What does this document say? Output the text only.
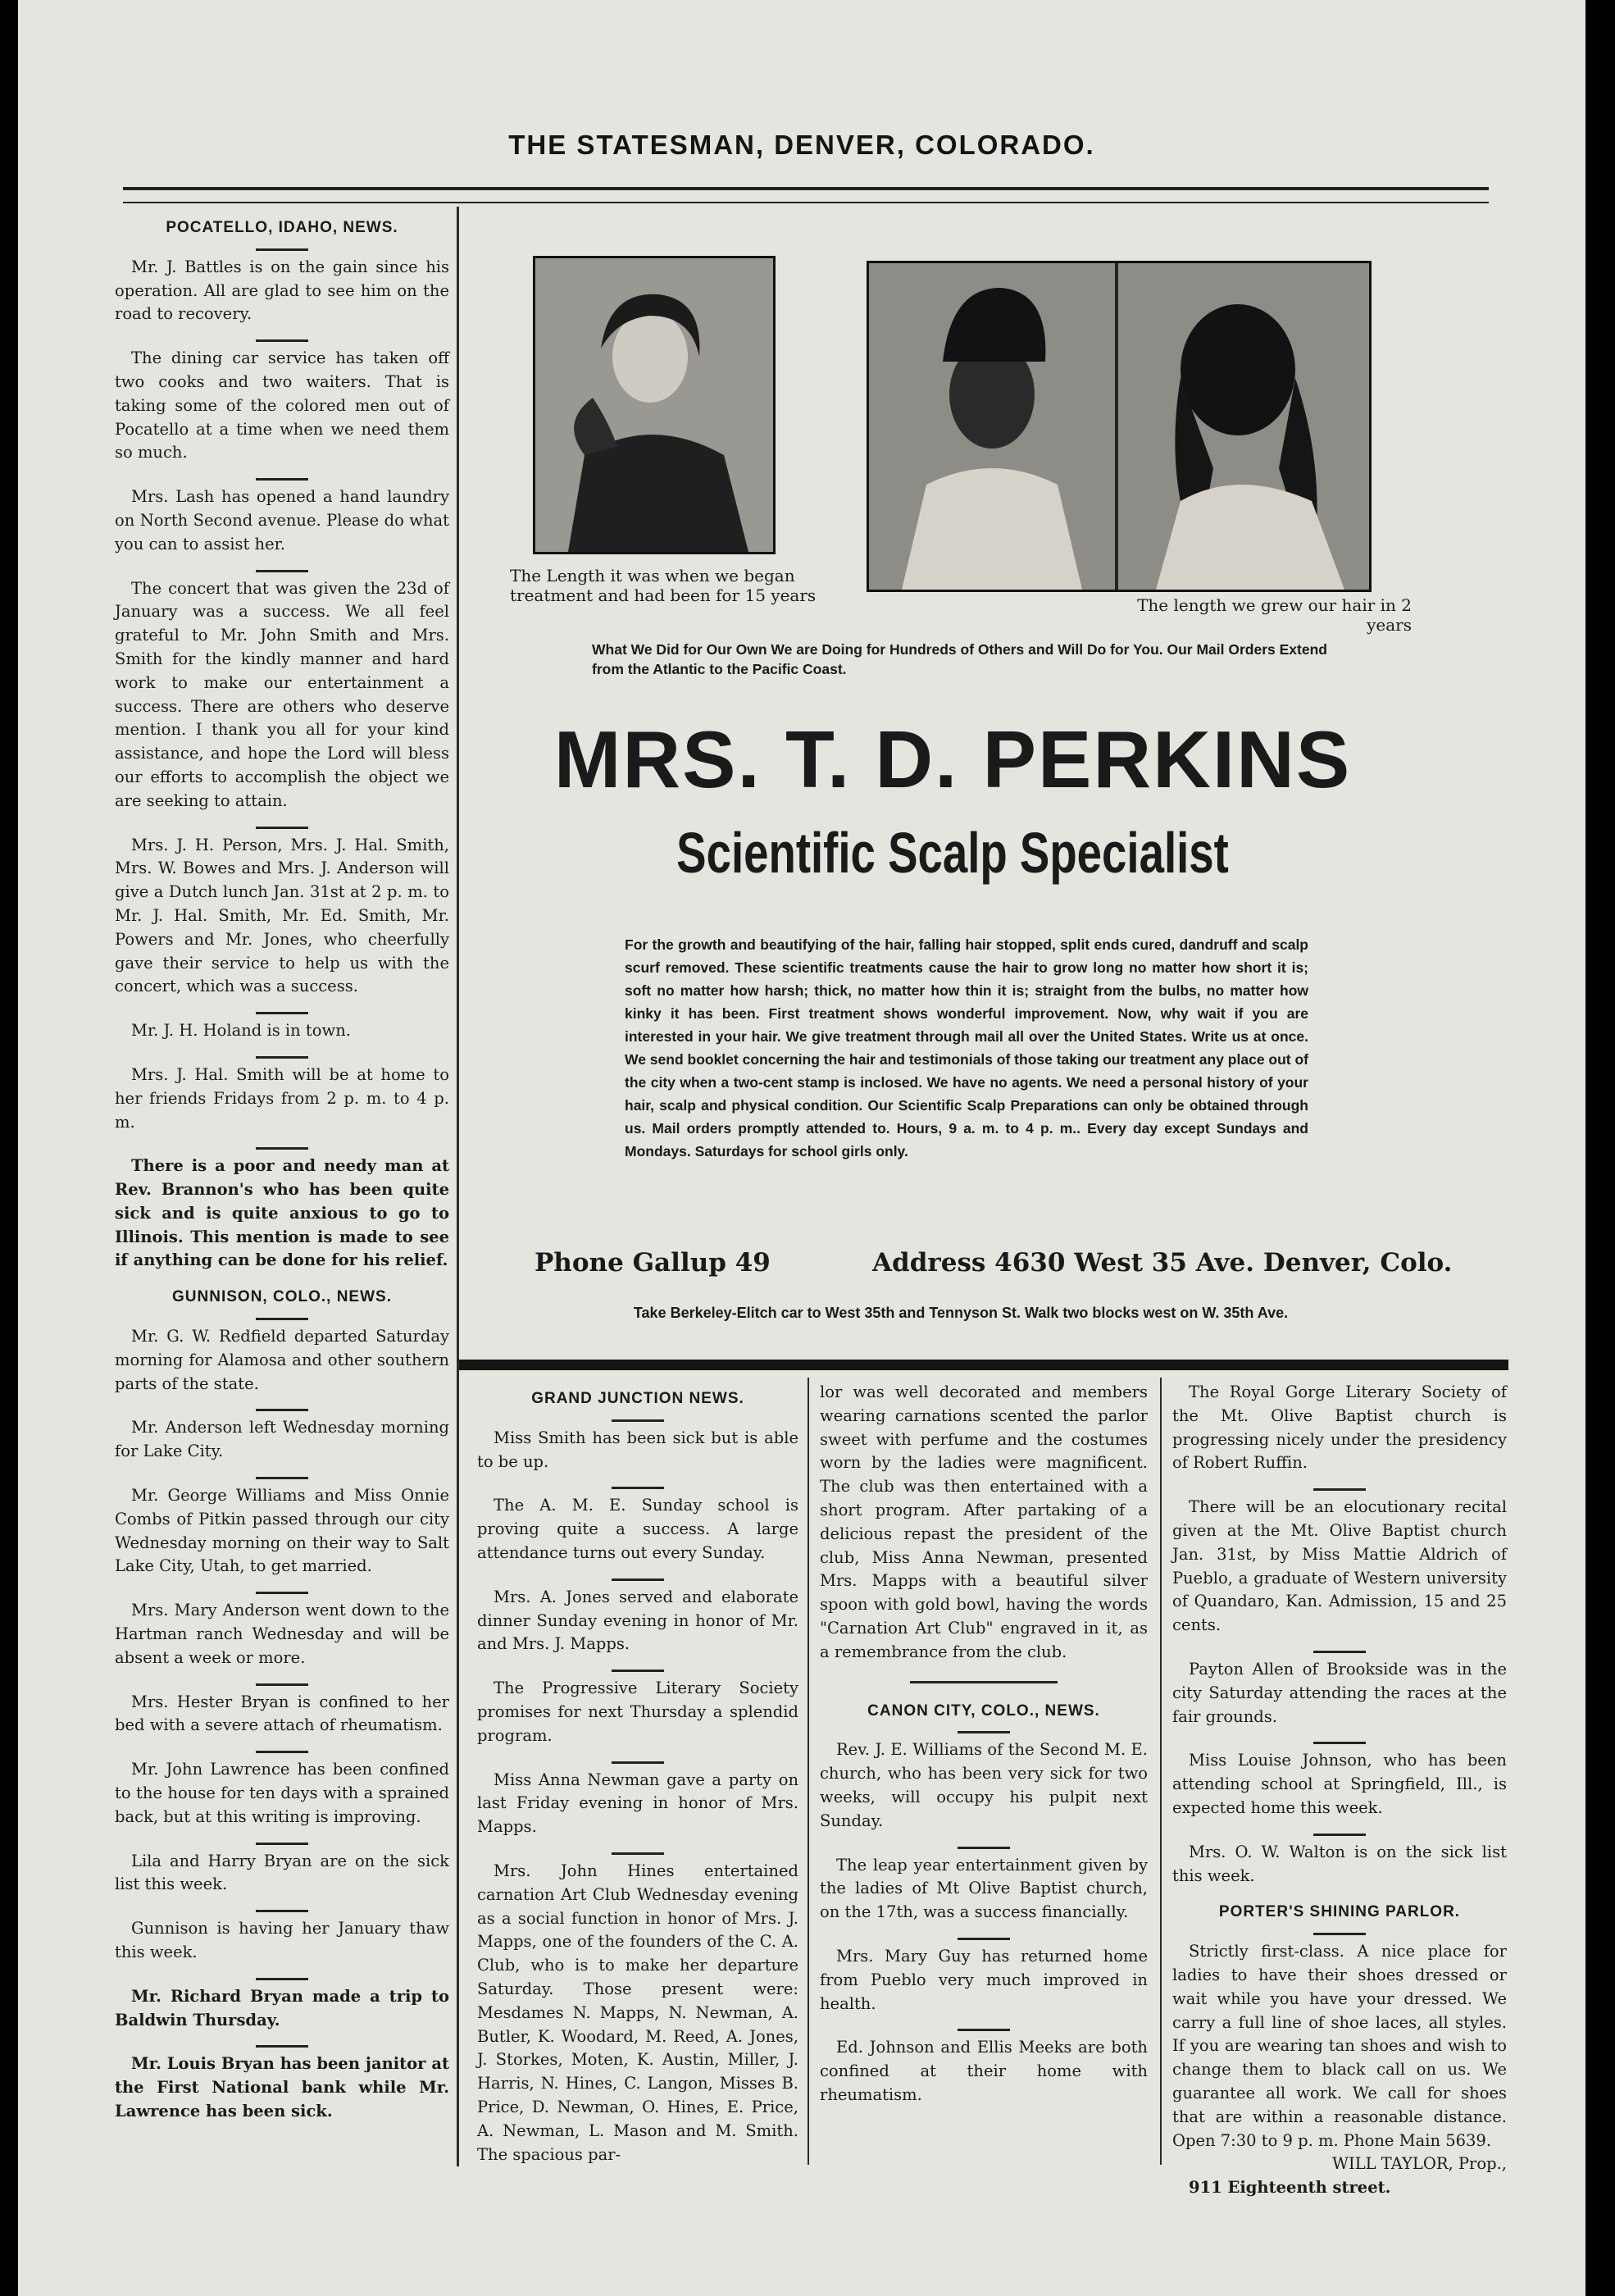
THE STATESMAN, DENVER, COLORADO.
POCATELLO, IDAHO, NEWS.

Mr. J. Battles is on the gain since his operation. All are glad to see him on the road to recovery.

The dining car service has taken off two cooks and two waiters. That is taking some of the colored men out of Pocatello at a time when we need them so much.

Mrs. Lash has opened a hand laundry on North Second avenue. Please do what you can to assist her.

The concert that was given the 23d of January was a success. We all feel grateful to Mr. John Smith and Mrs. Smith for the kindly manner and hard work to make our entertainment a success. There are others who deserve mention. I thank you all for your kind assistance, and hope the Lord will bless our efforts to accomplish the object we are seeking to attain.

Mrs. J. H. Person, Mrs. J. Hal. Smith, Mrs. W. Bowes and Mrs. J. Anderson will give a Dutch lunch Jan. 31st at 2 p. m. to Mr. J. Hal. Smith, Mr. Ed. Smith, Mr. Powers and Mr. Jones, who cheerfully gave their service to help us with the concert, which was a success.

Mr. J. H. Holand is in town.

Mrs. J. Hal. Smith will be at home to her friends Fridays from 2 p. m. to 4 p. m.

There is a poor and needy man at Rev. Brannon's who has been quite sick and is quite anxious to go to Illinois. This mention is made to see if anything can be done for his relief.

GUNNISON, COLO., NEWS.

Mr. G. W. Redfield departed Saturday morning for Alamosa and other southern parts of the state.

Mr. Anderson left Wednesday morning for Lake City.

Mr. George Williams and Miss Onnie Combs of Pitkin passed through our city Wednesday morning on their way to Salt Lake City, Utah, to get married.

Mrs. Mary Anderson went down to the Hartman ranch Wednesday and will be absent a week or more.

Mrs. Hester Bryan is confined to her bed with a severe attach of rheumatism.

Mr. John Lawrence has been confined to the house for ten days with a sprained back, but at this writing is improving.

Lila and Harry Bryan are on the sick list this week.

Gunnison is having her January thaw this week.

Mr. Richard Bryan made a trip to Baldwin Thursday.

Mr. Louis Bryan has been janitor at the First National bank while Mr. Lawrence has been sick.

The Length it was when we began treatment and had been for 15 years	The length we grew our hair in 2 years
What We Did for Our Own We are Doing for Hundreds of Others and Will Do for You. Our Mail Orders Extend from the Atlantic to the Pacific Coast.
MRS. T. D. PERKINS
Scientific Scalp Specialist
For the growth and beautifying of the hair, falling hair stopped, split ends cured, dandruff and scalp scurf removed. These scientific treatments cause the hair to grow long no matter how short it is; soft no matter how harsh; thick, no matter how thin it is; straight from the bulbs, no matter how kinky it has been. First treatment shows wonderful improvement. Now, why wait if you are interested in your hair. We give treatment through mail all over the United States. Write us at once. We send booklet concerning the hair and testimonials of those taking our treatment any place out of the city when a two-cent stamp is inclosed. We have no agents. We need a personal history of your hair, scalp and physical condition. Our Scientific Scalp Preparations can only be obtained through us. Mail orders promptly attended to. Hours, 9 a. m. to 4 p. m.. Every day except Sundays and Mondays. Saturdays for school girls only.
Phone Gallup 49	Address 4630 West 35 Ave. Denver, Colo.
Take Berkeley-Elitch car to West 35th and Tennyson St. Walk two blocks west on W. 35th Ave.
GRAND JUNCTION NEWS.

Miss Smith has been sick but is able to be up.

The A. M. E. Sunday school is proving quite a success. A large attendance turns out every Sunday.

Mrs. A. Jones served and elaborate dinner Sunday evening in honor of Mr. and Mrs. J. Mapps.

The Progressive Literary Society promises for next Thursday a splendid program.

Miss Anna Newman gave a party on last Friday evening in honor of Mrs. Mapps.

Mrs. John Hines entertained carnation Art Club Wednesday evening as a social function in honor of Mrs. J. Mapps, one of the founders of the C. A. Club, who is to make her departure Saturday. Those present were: Mesdames N. Mapps, N. Newman, A. Butler, K. Woodard, M. Reed, A. Jones, J. Storkes, Moten, K. Austin, Miller, J. Harris, N. Hines, C. Langon, Misses B. Price, D. Newman, O. Hines, E. Price, A. Newman, L. Mason and M. Smith. The spacious par-

lor was well decorated and members wearing carnations scented the parlor sweet with perfume and the costumes worn by the ladies were magnificent. The club was then entertained with a short program. After partaking of a delicious repast the president of the club, Miss Anna Newman, presented Mrs. Mapps with a beautiful silver spoon with gold bowl, having the words "Carnation Art Club" engraved in it, as a remembrance from the club.

CANON CITY, COLO., NEWS.

Rev. J. E. Williams of the Second M. E. church, who has been very sick for two weeks, will occupy his pulpit next Sunday.

The leap year entertainment given by the ladies of Mt Olive Baptist church, on the 17th, was a success financially.

Mrs. Mary Guy has returned home from Pueblo very much improved in health.

Ed. Johnson and Ellis Meeks are both confined at their home with rheumatism.

The Royal Gorge Literary Society of the Mt. Olive Baptist church is progressing nicely under the presidency of Robert Ruffin.

There will be an elocutionary recital given at the Mt. Olive Baptist church Jan. 31st, by Miss Mattie Aldrich of Pueblo, a graduate of Western university of Quandaro, Kan. Admission, 15 and 25 cents.

Payton Allen of Brookside was in the city Saturday attending the races at the fair grounds.

Miss Louise Johnson, who has been attending school at Springfield, Ill., is expected home this week.

Mrs. O. W. Walton is on the sick list this week.

PORTER'S SHINING PARLOR.

Strictly first-class. A nice place for ladies to have their shoes dressed or wait while you have your dressed. We carry a full line of shoe laces, all styles. If you are wearing tan shoes and wish to change them to black call on us. We guarantee all work. We call for shoes that are within a reasonable distance. Open 7:30 to 9 p. m. Phone Main 5639.

WILL TAYLOR, Prop.,

911 Eighteenth street.
